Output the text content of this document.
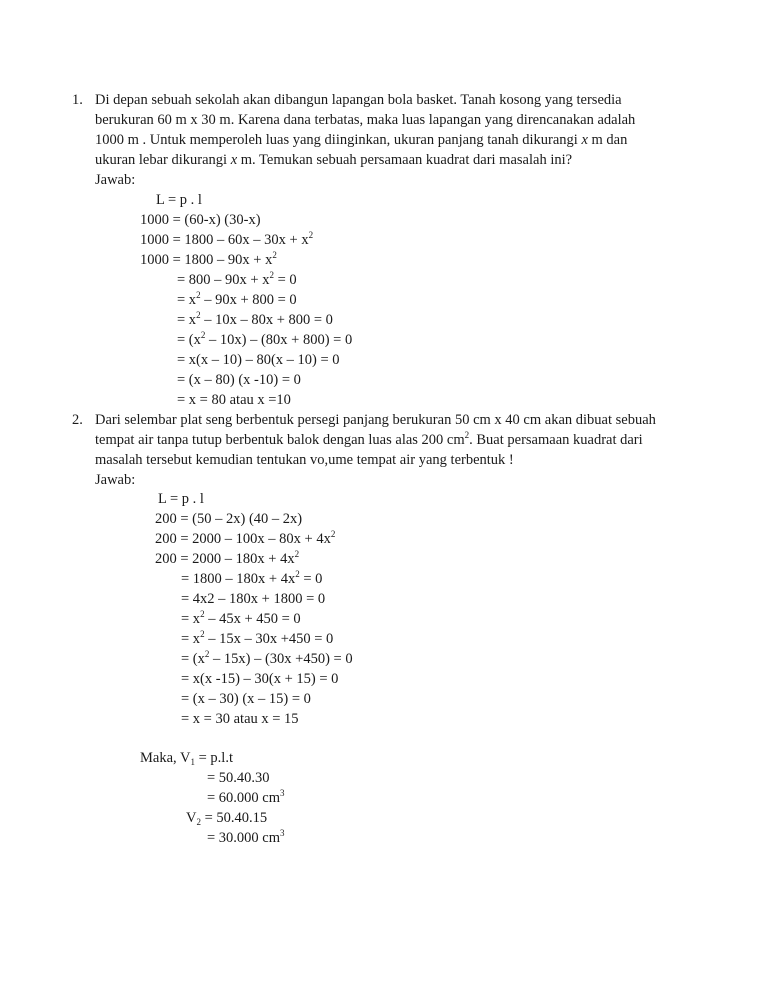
1. Di depan sebuah sekolah akan dibangun lapangan bola basket. Tanah kosong yang tersedia
berukuran 60 m x 30 m. Karena dana terbatas, maka luas lapangan yang direncanakan adalah
1000 m . Untuk memperoleh luas yang diinginkan, ukuran panjang tanah dikurangi x m dan
ukuran lebar dikurangi x m. Temukan sebuah persamaan kuadrat dari masalah ini?
Jawab:
L = p . l
1000 = (60-x) (30-x)
$1000 = 1800 - 60x - 30x + x^2$
$1000 = 1800 - 90x + x^2$
= $800 - 90x + x^2 = 0$
= $x^2 - 90x + 800 = 0$
= $x^2 - 10x - 80x + 800 = 0$
= $(x^2 - 10x) - (80x + 800) = 0$
= x(x – 10) – 80(x – 10) = 0
= (x – 80) (x -10) = 0
= x = 80 atau x =10
2. Dari selembar plat seng berbentuk persegi panjang berukuran 50 cm x 40 cm akan dibuat sebuah
tempat air tanpa tutup berbentuk balok dengan luas alas 200 $cm^2$. Buat persamaan kuadrat dari
masalah tersebut kemudian tentukan vo,ume tempat air yang terbentuk !
Jawab:
L = p . l
200 = (50 – 2x) (40 – 2x)
$200 = 2000 - 100x - 80x + 4x^2$
$200 = 2000 - 180x + 4x^2$
= $1800 - 180x + 4x^2 = 0$
= 4x2 – 180x + 1800 = 0
= $x^2 - 45x + 450 = 0$
= $x^2 - 15x - 30x +450 = 0$
= $(x^2 - 15x) - (30x +450) = 0$
= x(x -15) – 30(x + 15) = 0
= (x – 30) (x – 15) = 0
= x = 30 atau x = 15
Maka, $V_1 = p.l.t$
= 50.40.30
= 60.000 $cm^3$
$V_2 = 50.40.15$
= 30.000 $cm^3$
